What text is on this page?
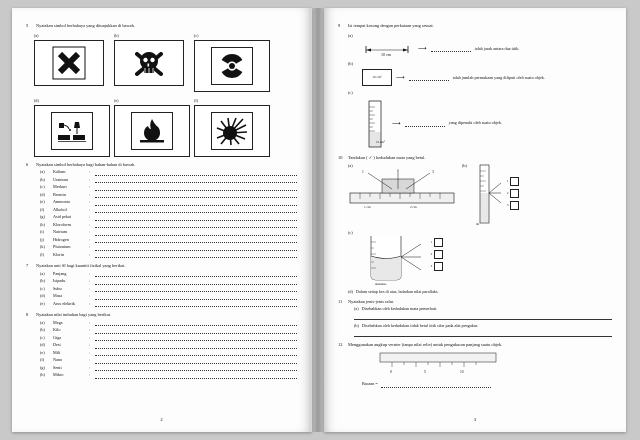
5	Nyatakan simbol berbahaya yang ditunjukkan di bawah.
(a)	(b)	(c)
(d)	(e)	(f)
6	Nyatakan simbol berbahaya bagi bahan-bahan di bawah.
(a)	Kalium	:
(b)	Uranium	:
(c)	Merkuri	:
(d)	Bromin	:
(e)	Ammonia	:
(f)	Alkohol	:
(g)	Asid pekat	:
(h)	Kloroform	:
(i)	Natrium	:
(j)	Hidrogen	:
(k)	Plutonium	:
(l)	Klorin	:
7	Nyatakan unit SI bagi kuantiti fizikal yang berikut.
(a)	Panjang	:
(b)	Isipadu	:
(c)	Suhu	:
(d)	Masa	:
(e)	Arus elektrik	:
8	Nyatakan nilai imbuhan bagi yang berikut.
(a)	Mega	:
(b)	Kilo	:
(c)	Giga	:
(d)	Desi	:
(e)	Mili	:
(f)	Nano	:
(g)	Senti	:
(h)	Mikro	:
2
9	Isi tempat kosong dengan perkataan yang sesuai.
(a)
10 cm
⟶	ialah jarak antara dua titik.
(b)
10 cm²	⟶	ialah jumlah permukaan yang diliputi oleh suatu objek.
(c)
10 cm³
⟶	yang dipenuhi oleh suatu objek.
10	Tandakan ( ✓ ) kedudukan mata yang betul.
(a)
1 cm	2 cm
1	2	3
(b)
ml
1
2
3
(c)
meniskus
1
2
3
(d) Dalam setiap kes di atas, bulatkan nilai parallaks.
11	Nyatakan jenis-jenis ralat.
(a) Disebabkan oleh kedudukan mata pemerhati.
(b) Disebabkan oleh kedudukan tidak betul titik sifar pada alat pengukur.
12	Menggunakan angkup vernier (tanpa nilai relie) untuk pengukuran panjang suatu objek.
0	5	10
Bacaan =
3
